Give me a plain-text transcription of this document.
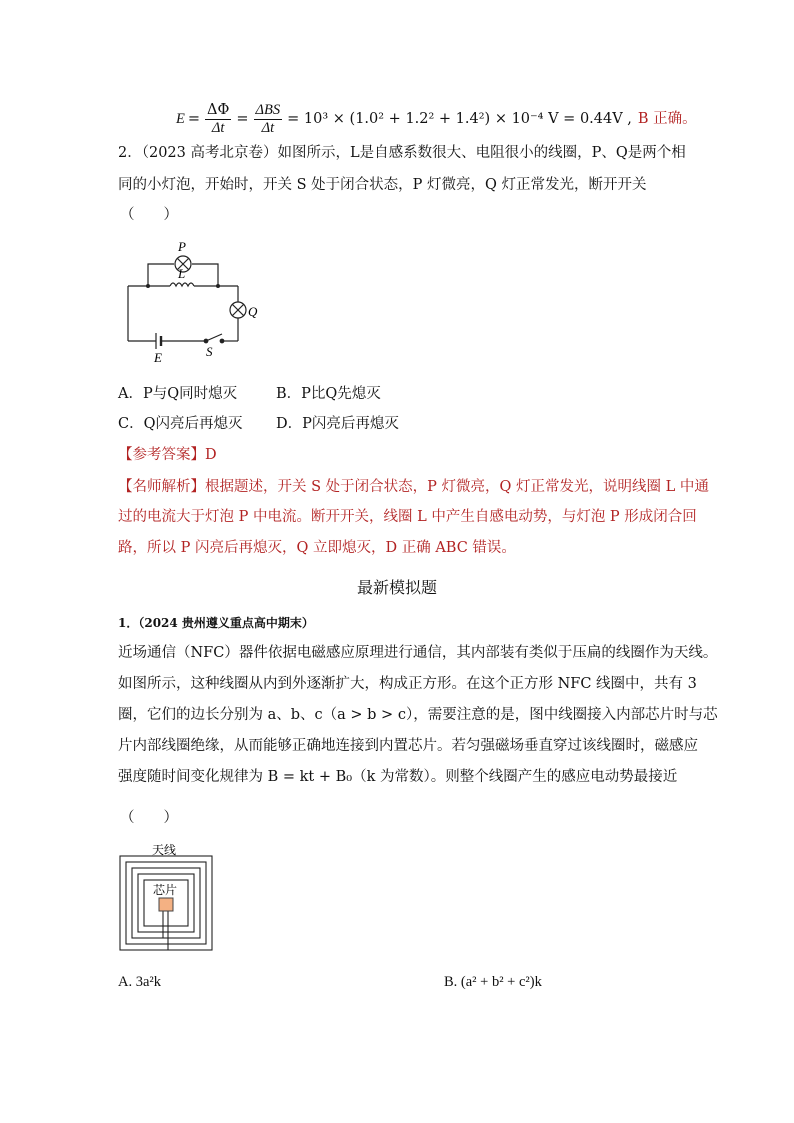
$E = \frac{\Delta\Phi}{\Delta t} = \frac{\text{ΔBS}}{\Delta t} = 10^3 \times (1.0^2 + 1.2^2 + 1.4^2) \times 10^{-4}$ V = 0.44V , B 正确。
2．（2023 高考北京卷）如图所示，L是自感系数很大、电阻很小的线圈，P、Q是两个相
同的小灯泡，开始时，开关 S 处于闭合状态，P 灯微亮，Q 灯正常发光，断开开关
（　　）
P
L
Q
E	S
A．P与Q同时熄灭	B．P比Q先熄灭
C．Q闪亮后再熄灭 D．P闪亮后再熄灭
【参考答案】D
【名师解析】根据题述，开关 S 处于闭合状态，P 灯微亮，Q 灯正常发光，说明线圈 L 中通
过的电流大于灯泡 P 中电流。断开开关，线圈 L 中产生自感电动势，与灯泡 P 形成闭合回
路，所以 P 闪亮后再熄灭，Q 立即熄灭，D 正确 ABC 错误。
最新模拟题
1．（2024 贵州遵义重点高中期末）
近场通信（NFC）器件依据电磁感应原理进行通信，其内部装有类似于压扁的线圈作为天线。
如图所示，这种线圈从内到外逐渐扩大，构成正方形。在这个正方形 NFC 线圈中，共有 3
圈，它们的边长分别为 a、b、c（a > b > c），需要注意的是，图中线圈接入内部芯片时与芯
片内部线圈绝缘，从而能够正确地连接到内置芯片。若匀强磁场垂直穿过该线圈时，磁感应
强度随时间变化规律为 B = kt + B₀（k 为常数）。则整个线圈产生的感应电动势最接近
（　　）
天线
芯片
A. 3a²k	B. (a² + b² + c²)k
